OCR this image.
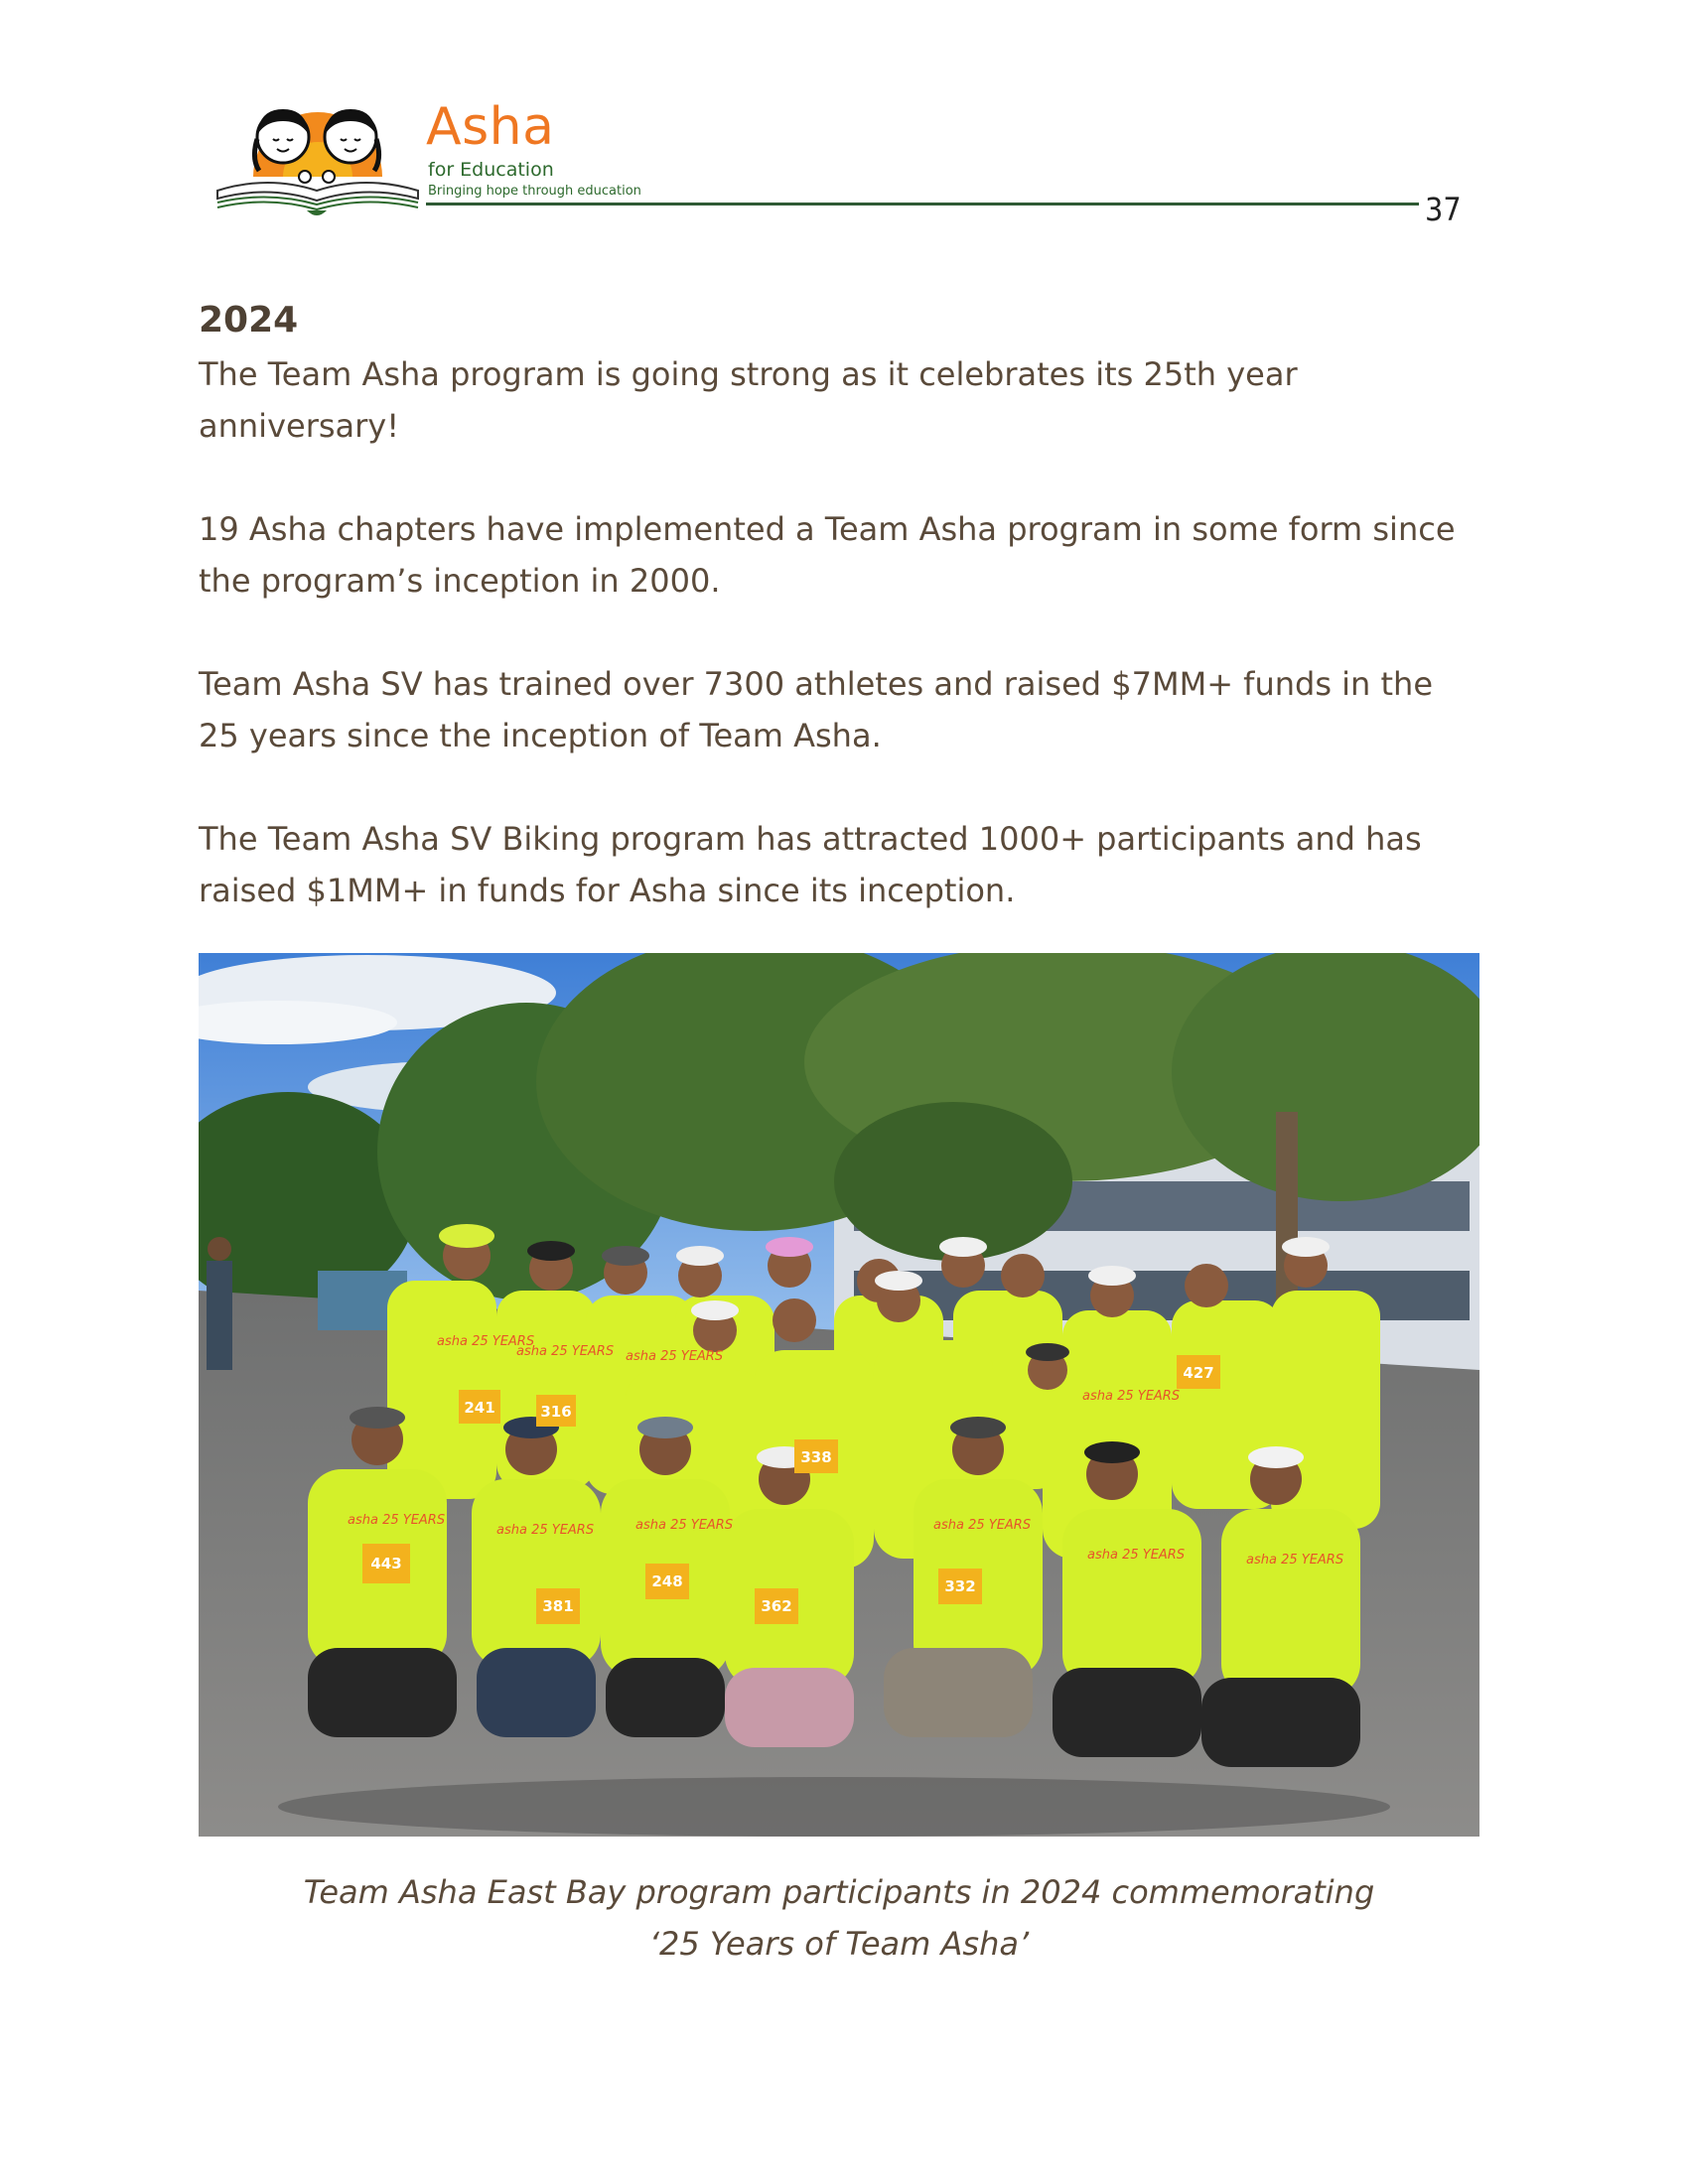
Asha
for Education
Bringing hope through education	37
2024

The Team Asha program is going strong as it celebrates its 25th year anniversary!

19 Asha chapters have implemented a Team Asha program in some form since the program’s inception in 2000.

Team Asha SV has trained over 7300 athletes and raised $7MM+ funds in the 25 years since the inception of Team Asha.

The Team Asha SV Biking program has attracted 1000+ participants and has raised $1MM+ in funds for Asha since its inception.

241	316
427
338
443
381
248
362
332
asha 25 YEARS
asha 25 YEARS asha 25 YEARS
asha 25 YEARS
asha 25 YEARS
asha 25 YEARS	asha 25 YEARS	asha 25 YEARS
asha 25 YEARS	asha 25 YEARS
Team Asha East Bay program participants in 2024 commemorating
‘25 Years of Team Asha’
